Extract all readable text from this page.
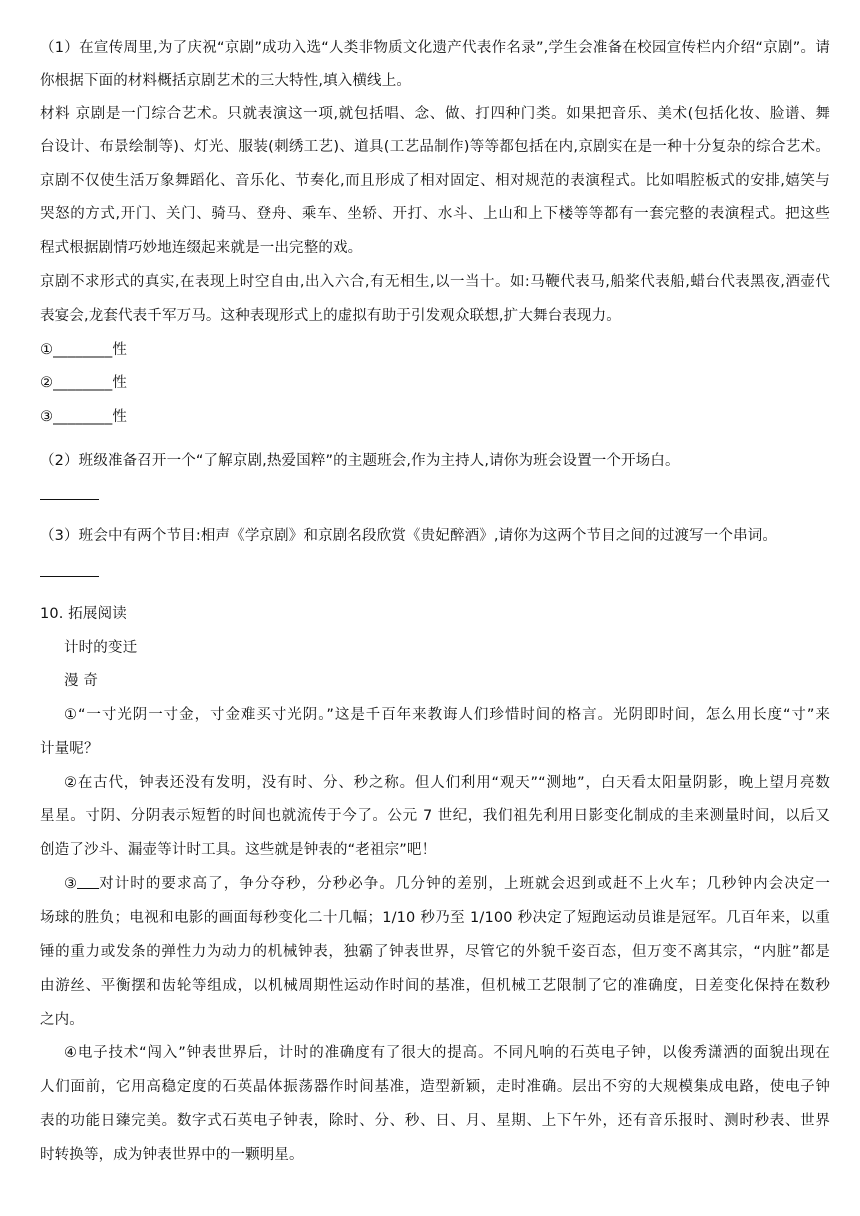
（1）在宣传周里,为了庆祝“京剧”成功入选“人类非物质文化遗产代表作名录”,学生会准备在校园宣传栏内介绍“京剧”。请
你根据下面的材料概括京剧艺术的三大特性,填入横线上。
材料 京剧是一门综合艺术。只就表演这一项,就包括唱、念、做、打四种门类。如果把音乐、美术(包括化妆、脸谱、舞
台设计、布景绘制等)、灯光、服装(刺绣工艺)、道具(工艺品制作)等等都包括在内,京剧实在是一种十分复杂的综合艺术。
京剧不仅使生活万象舞蹈化、音乐化、节奏化,而且形成了相对固定、相对规范的表演程式。比如唱腔板式的安排,嬉笑与
哭怒的方式,开门、关门、骑马、登舟、乘车、坐轿、开打、水斗、上山和上下楼等等都有一套完整的表演程式。把这些
程式根据剧情巧妙地连缀起来就是一出完整的戏。
京剧不求形式的真实,在表现上时空自由,出入六合,有无相生,以一当十。如:马鞭代表马,船桨代表船,蜡台代表黑夜,酒壶代
表宴会,龙套代表千军万马。这种表现形式上的虚拟有助于引发观众联想,扩大舞台表现力。
①________性
②________性
③________性
（2）班级准备召开一个“了解京剧,热爱国粹”的主题班会,作为主持人,请你为班会设置一个开场白。
（3）班会中有两个节目:相声《学京剧》和京剧名段欣赏《贵妃醉酒》,请你为这两个节目之间的过渡写一个串词。
10. 拓展阅读
计时的变迁
漫 奇
①“一寸光阴一寸金，寸金难买寸光阴。”这是千百年来教诲人们珍惜时间的格言。光阴即时间，怎么用长度“寸”来
计量呢？
②在古代，钟表还没有发明，没有时、分、秒之称。但人们利用“观天”“测地”，白天看太阳量阴影，晚上望月亮数
星星。寸阴、分阴表示短暂的时间也就流传于今了。公元 7 世纪，我们祖先利用日影变化制成的圭来测量时间，以后又
创造了沙斗、漏壶等计时工具。这些就是钟表的“老祖宗”吧！
③ 对计时的要求高了，争分夺秒，分秒必争。几分钟的差别，上班就会迟到或赶不上火车；几秒钟内会决定一
场球的胜负；电视和电影的画面每秒变化二十几幅；1/10 秒乃至 1/100 秒决定了短跑运动员谁是冠军。几百年来，以重
锤的重力或发条的弹性力为动力的机械钟表，独霸了钟表世界，尽管它的外貌千姿百态，但万变不离其宗，“内脏”都是
由游丝、平衡摆和齿轮等组成，以机械周期性运动作时间的基准，但机械工艺限制了它的准确度，日差变化保持在数秒
之内。
④电子技术“闯入”钟表世界后，计时的准确度有了很大的提高。不同凡响的石英电子钟，以俊秀潇洒的面貌出现在
人们面前，它用高稳定度的石英晶体振荡器作时间基准，造型新颖，走时准确。层出不穷的大规模集成电路，使电子钟
表的功能日臻完美。数字式石英电子钟表，除时、分、秒、日、月、星期、上下午外，还有音乐报时、测时秒表、世界
时转换等，成为钟表世界中的一颗明星。
